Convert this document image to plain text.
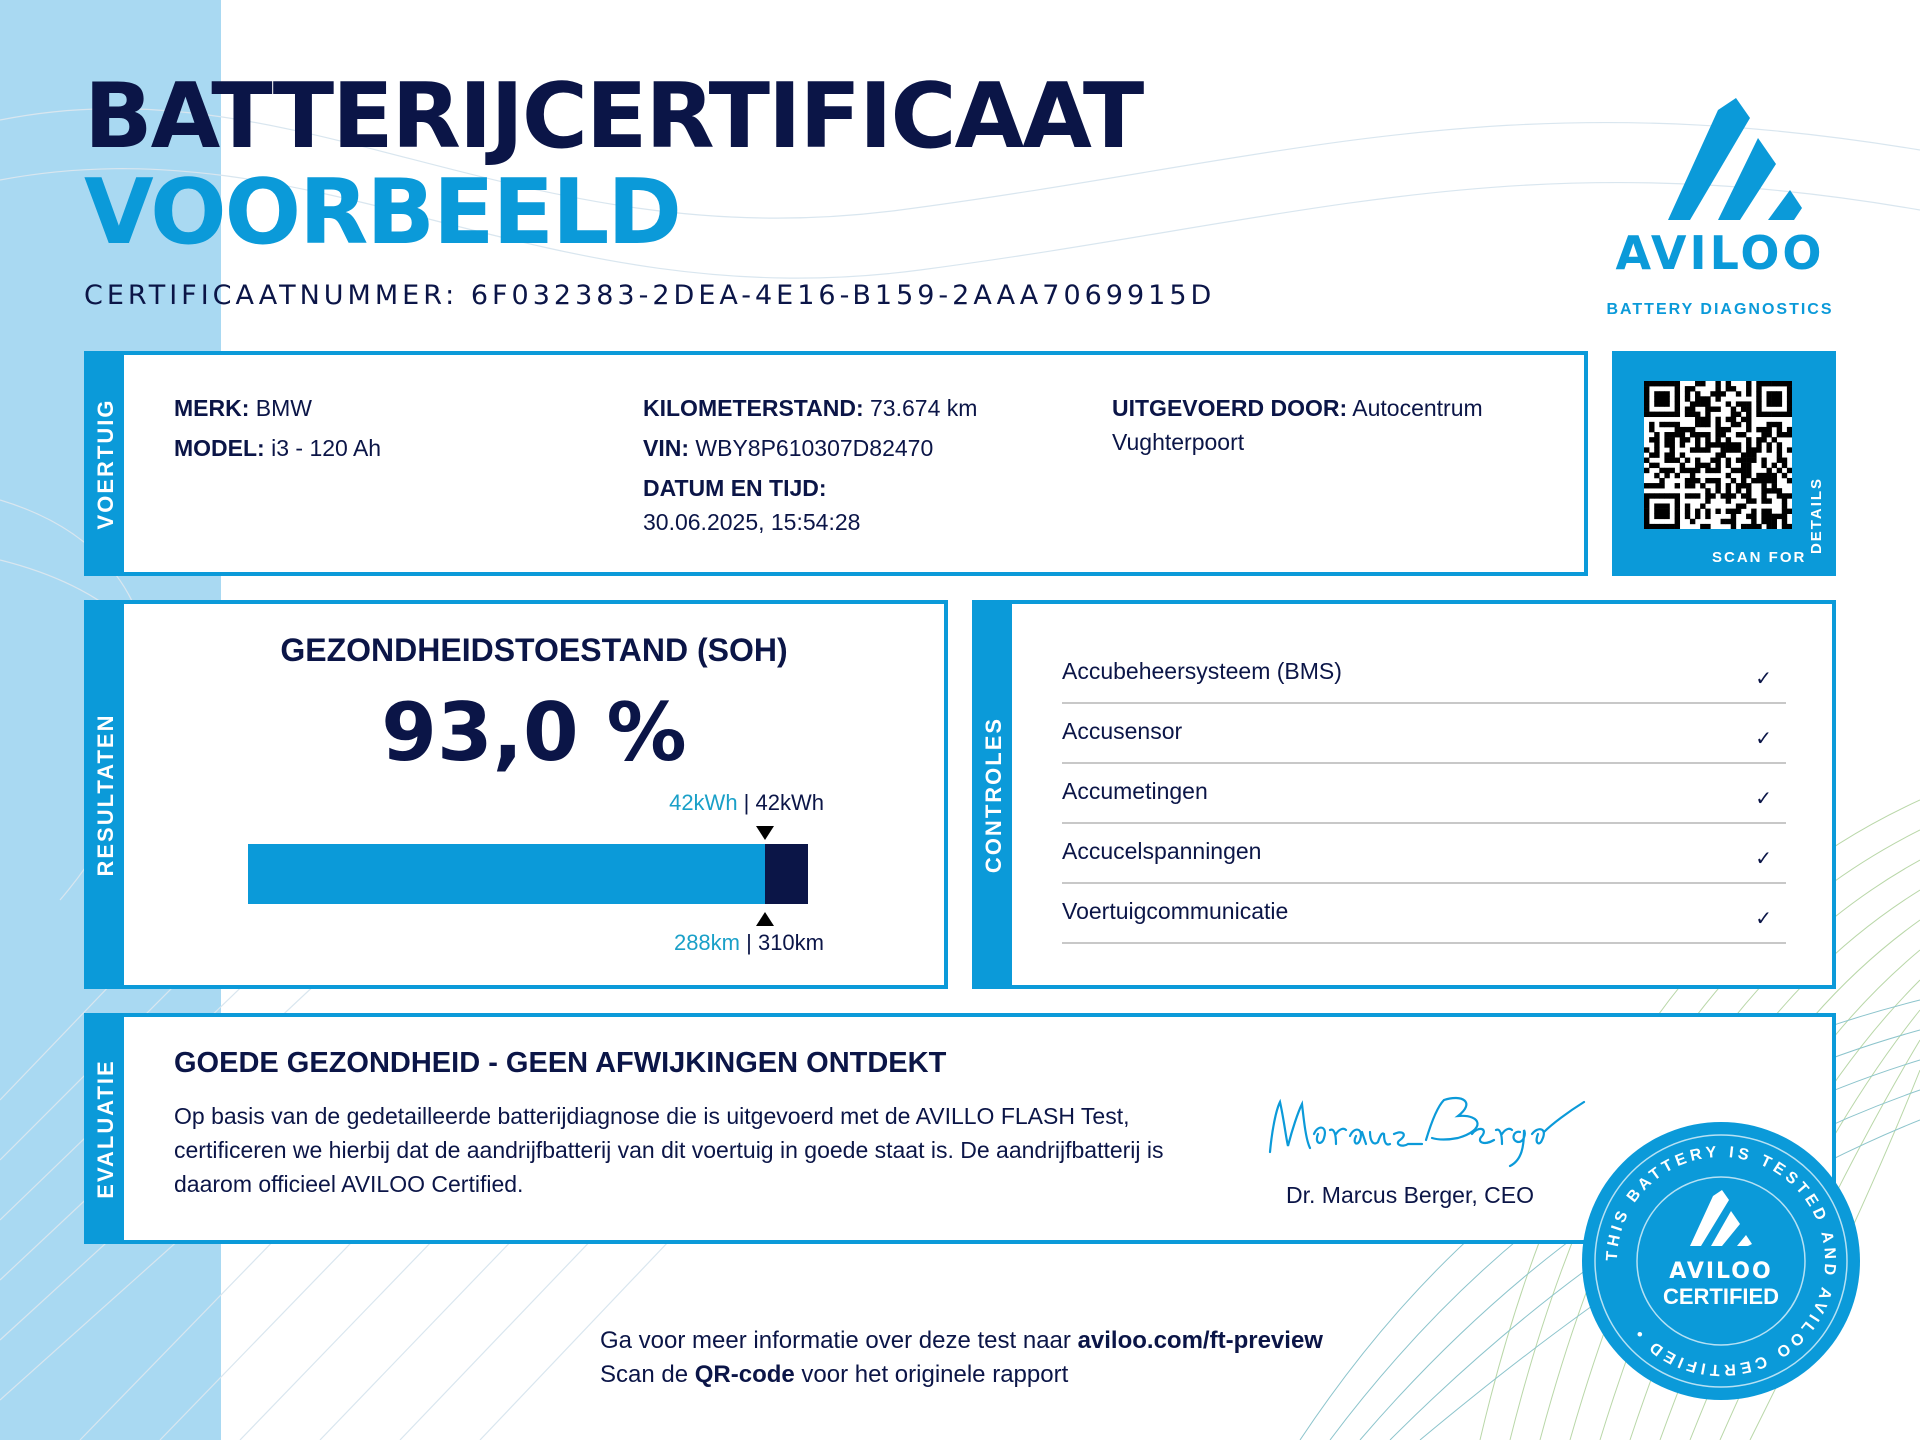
BATTERIJCERTIFICAAT
VOORBEELD
CERTIFICAATNUMMER: 6F032383-2DEA-4E16-B159-2AAA7069915D
AVILOO
BATTERY DIAGNOSTICS
VOERTUIG MERK: BMW
MODEL: i3 - 120 Ah
KILOMETERSTAND: 73.674 km
VIN: WBY8P610307D82470
DATUM EN TIJD:
30.06.2025, 15:54:28
UITGEVOERD DOOR: Autocentrum
Vughterpoort
SCAN FOR
DETAILS
RESULTATEN
GEZONDHEIDSTOESTAND (SOH)
93,0 %
42kWh | 42kWh
288km | 310km
CONTROLES
Accubeheersysteem (BMS)	✓
Accusensor	✓
Accumetingen	✓
Accucelspanningen	✓
Voertuigcommunicatie	✓
EVALUATIE GOEDE GEZONDHEID - GEEN AFWIJKINGEN ONTDEKT
Op basis van de gedetailleerde batterijdiagnose die is uitgevoerd met de AVILLO FLASH Test, certificeren we hierbij dat de aandrijfbatterij van dit voertuig in goede staat is. De aandrijfbatterij is daarom officieel AVILOO Certified.	Dr. Marcus Berger, CEO
THIS BATTERY IS TESTED AND AVILOO CERTIFIED •
AVILOO
CERTIFIED
Ga voor meer informatie over deze test naar aviloo.com/ft-preview
Scan de QR-code voor het originele rapport
